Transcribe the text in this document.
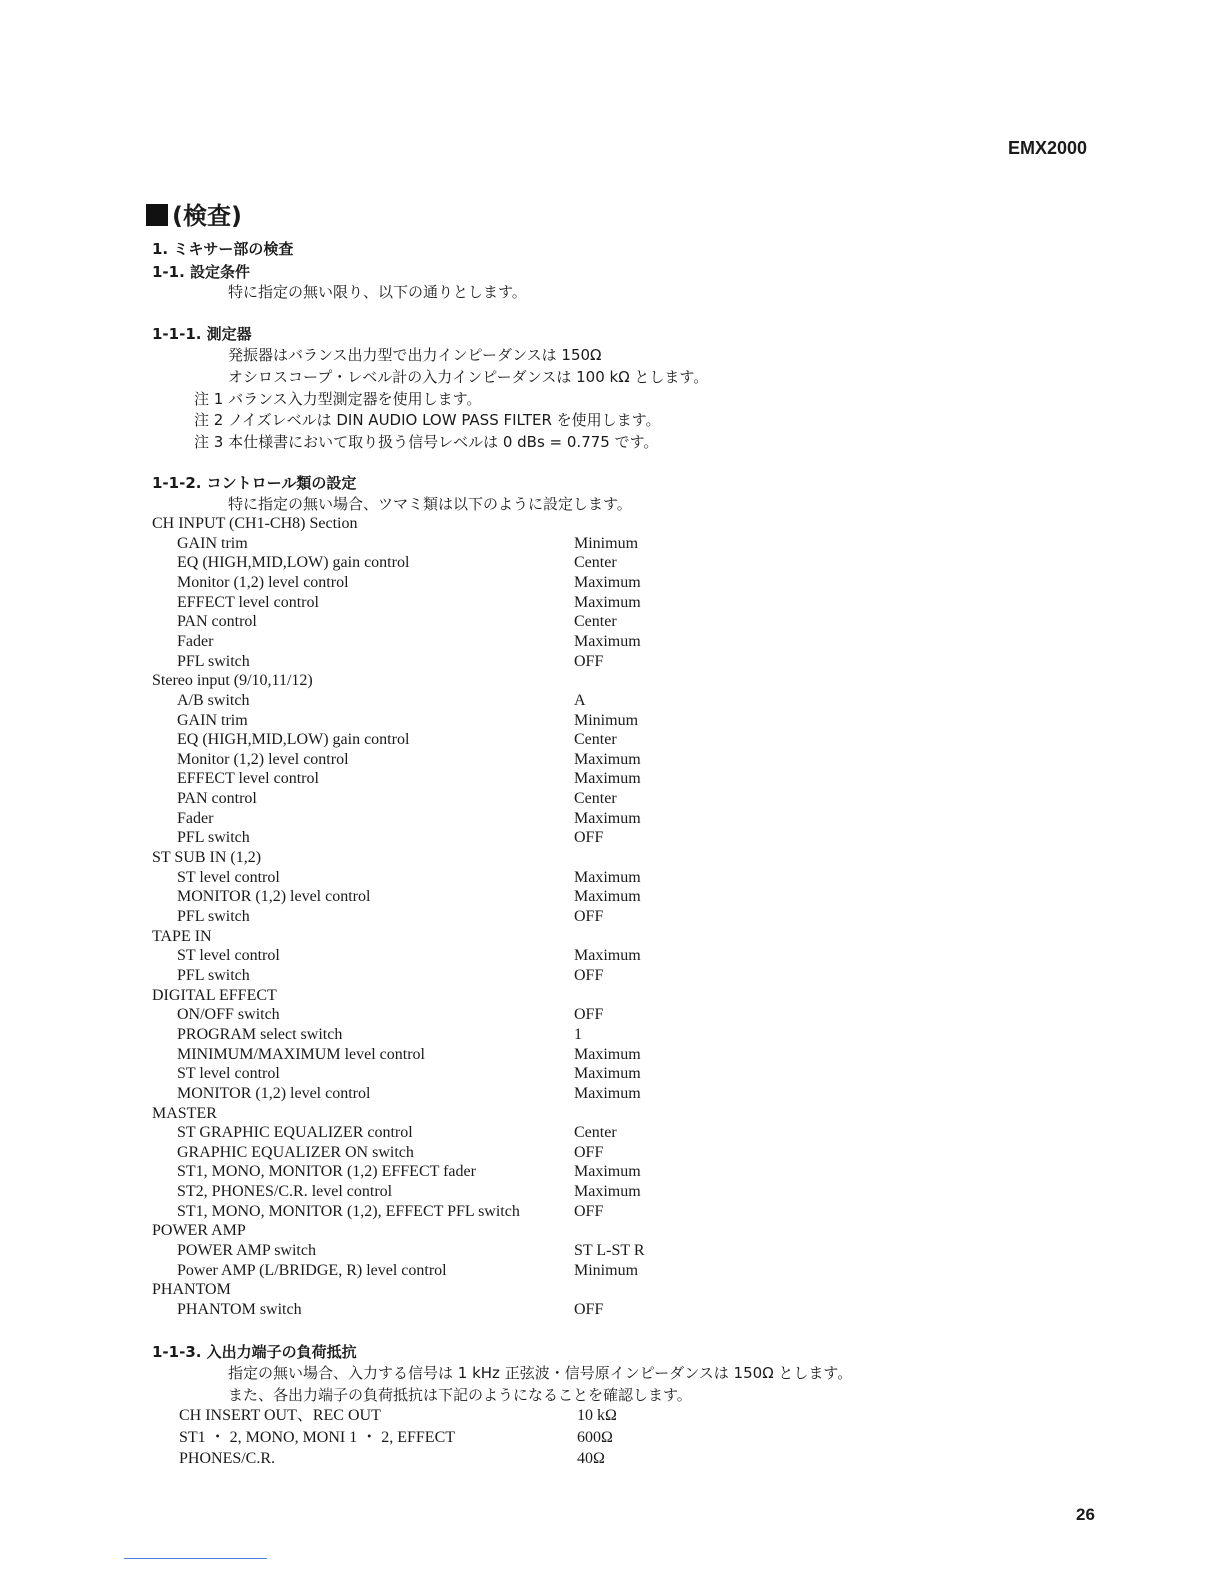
EMX2000
(検査)
1. ミキサー部の検査
1-1. 設定条件
特に指定の無い限り、以下の通りとします。
1-1-1. 測定器
発振器はバランス出力型で出力インピーダンスは 150Ω
オシロスコープ・レベル計の入力インピーダンスは 100 kΩ とします。
注 1 バランス入力型測定器を使用します。
注 2 ノイズレベルは DIN AUDIO LOW PASS FILTER を使用します。
注 3 本仕様書において取り扱う信号レベルは 0 dBs = 0.775 です。
1-1-2. コントロール類の設定
特に指定の無い場合、ツマミ類は以下のように設定します。
CH INPUT (CH1-CH8) Section
GAIN trim	Minimum
EQ (HIGH,MID,LOW) gain control	Center
Monitor (1,2) level control	Maximum
EFFECT level control	Maximum
PAN control	Center
Fader	Maximum
PFL switch	OFF
Stereo input (9/10,11/12)
A/B switch	A
GAIN trim	Minimum
EQ (HIGH,MID,LOW) gain control	Center
Monitor (1,2) level control	Maximum
EFFECT level control	Maximum
PAN control	Center
Fader	Maximum
PFL switch	OFF
ST SUB IN (1,2)
ST level control	Maximum
MONITOR (1,2) level control	Maximum
PFL switch	OFF
TAPE IN
ST level control	Maximum
PFL switch	OFF
DIGITAL EFFECT
ON/OFF switch	OFF
PROGRAM select switch	1
MINIMUM/MAXIMUM level control	Maximum
ST level control	Maximum
MONITOR (1,2) level control	Maximum
MASTER
ST GRAPHIC EQUALIZER control	Center
GRAPHIC EQUALIZER ON switch	OFF
ST1, MONO, MONITOR (1,2) EFFECT fader	Maximum
ST2, PHONES/C.R. level control	Maximum
ST1, MONO, MONITOR (1,2), EFFECT PFL switch	OFF
POWER AMP
POWER AMP switch	ST L-ST R
Power AMP (L/BRIDGE, R) level control	Minimum
PHANTOM
PHANTOM switch	OFF
1-1-3. 入出力端子の負荷抵抗
指定の無い場合、入力する信号は 1 kHz 正弦波・信号原インピーダンスは 150Ω とします。
また、各出力端子の負荷抵抗は下記のようになることを確認します。
CH INSERT OUT、REC OUT	10 kΩ
ST1 ・ 2, MONO, MONI 1 ・ 2, EFFECT	600Ω
PHONES/C.R.	40Ω
26
